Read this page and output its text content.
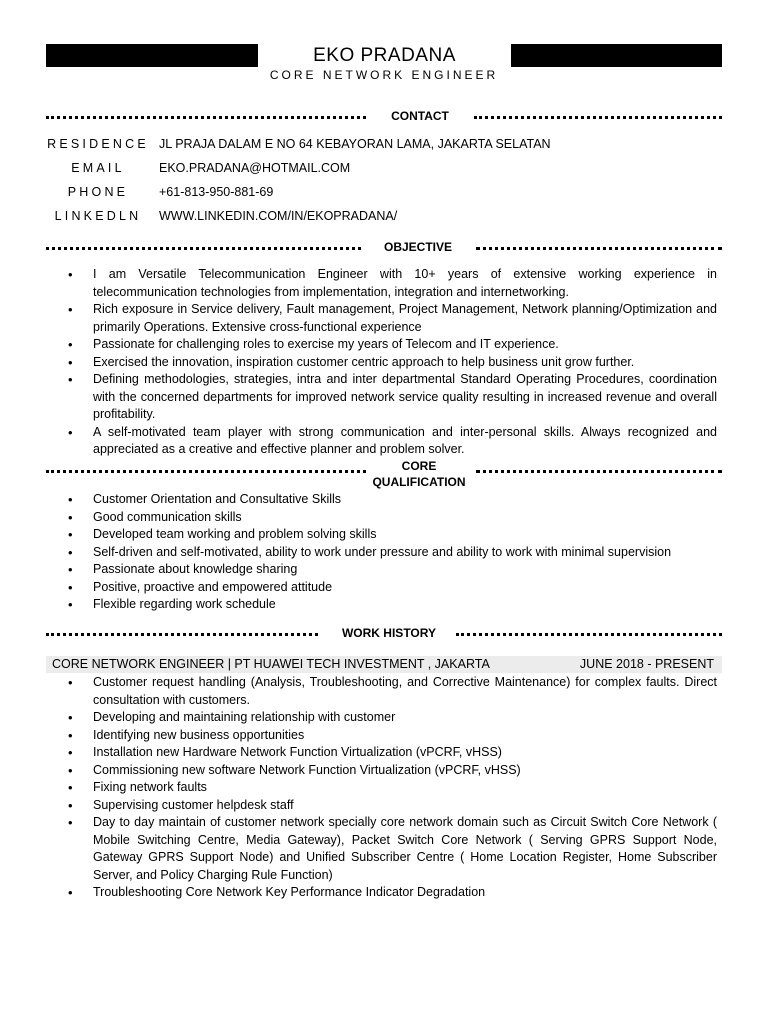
EKO PRADANA
CORE NETWORK ENGINEER
CONTACT
RESIDENCE JL PRAJA DALAM E NO 64 KEBAYORAN LAMA, JAKARTA SELATAN
EMAIL	EKO.PRADANA@HOTMAIL.COM
PHONE	+61-813-950-881-69
LINKEDLN	WWW.LINKEDIN.COM/IN/EKOPRADANA/
OBJECTIVE
• I am Versatile Telecommunication Engineer with 10+ years of extensive working experience in telecommunication technologies from implementation, integration and internetworking.
• Rich exposure in Service delivery, Fault management, Project Management, Network planning/Optimization and primarily Operations. Extensive cross-functional experience
• Passionate for challenging roles to exercise my years of Telecom and IT experience.
• Exercised the innovation, inspiration customer centric approach to help business unit grow further.
• Defining methodologies, strategies, intra and inter departmental Standard Operating Procedures, coordination with the concerned departments for improved network service quality resulting in increased revenue and overall profitability.
• A self-motivated team player with strong communication and inter-personal skills. Always recognized and appreciated as a creative and effective planner and problem solver.
CORE
QUALIFICATION
• Customer Orientation and Consultative Skills
• Good communication skills
• Developed team working and problem solving skills
• Self-driven and self-motivated, ability to work under pressure and ability to work with minimal supervision
• Passionate about knowledge sharing
• Positive, proactive and empowered attitude
• Flexible regarding work schedule
WORK HISTORY
CORE NETWORK ENGINEER | PT HUAWEI TECH INVESTMENT , JAKARTA	JUNE 2018 - PRESENT
• Customer request handling (Analysis, Troubleshooting, and Corrective Maintenance) for complex faults. Direct consultation with customers.
• Developing and maintaining relationship with customer
• Identifying new business opportunities
• Installation new Hardware Network Function Virtualization (vPCRF, vHSS)
• Commissioning new software Network Function Virtualization (vPCRF, vHSS)
• Fixing network faults
• Supervising customer helpdesk staff
• Day to day maintain of customer network specially core network domain such as Circuit Switch Core Network ( Mobile Switching Centre, Media Gateway), Packet Switch Core Network ( Serving GPRS Support Node, Gateway GPRS Support Node) and Unified Subscriber Centre ( Home Location Register, Home Subscriber Server, and Policy Charging Rule Function)
• Troubleshooting Core Network Key Performance Indicator Degradation
